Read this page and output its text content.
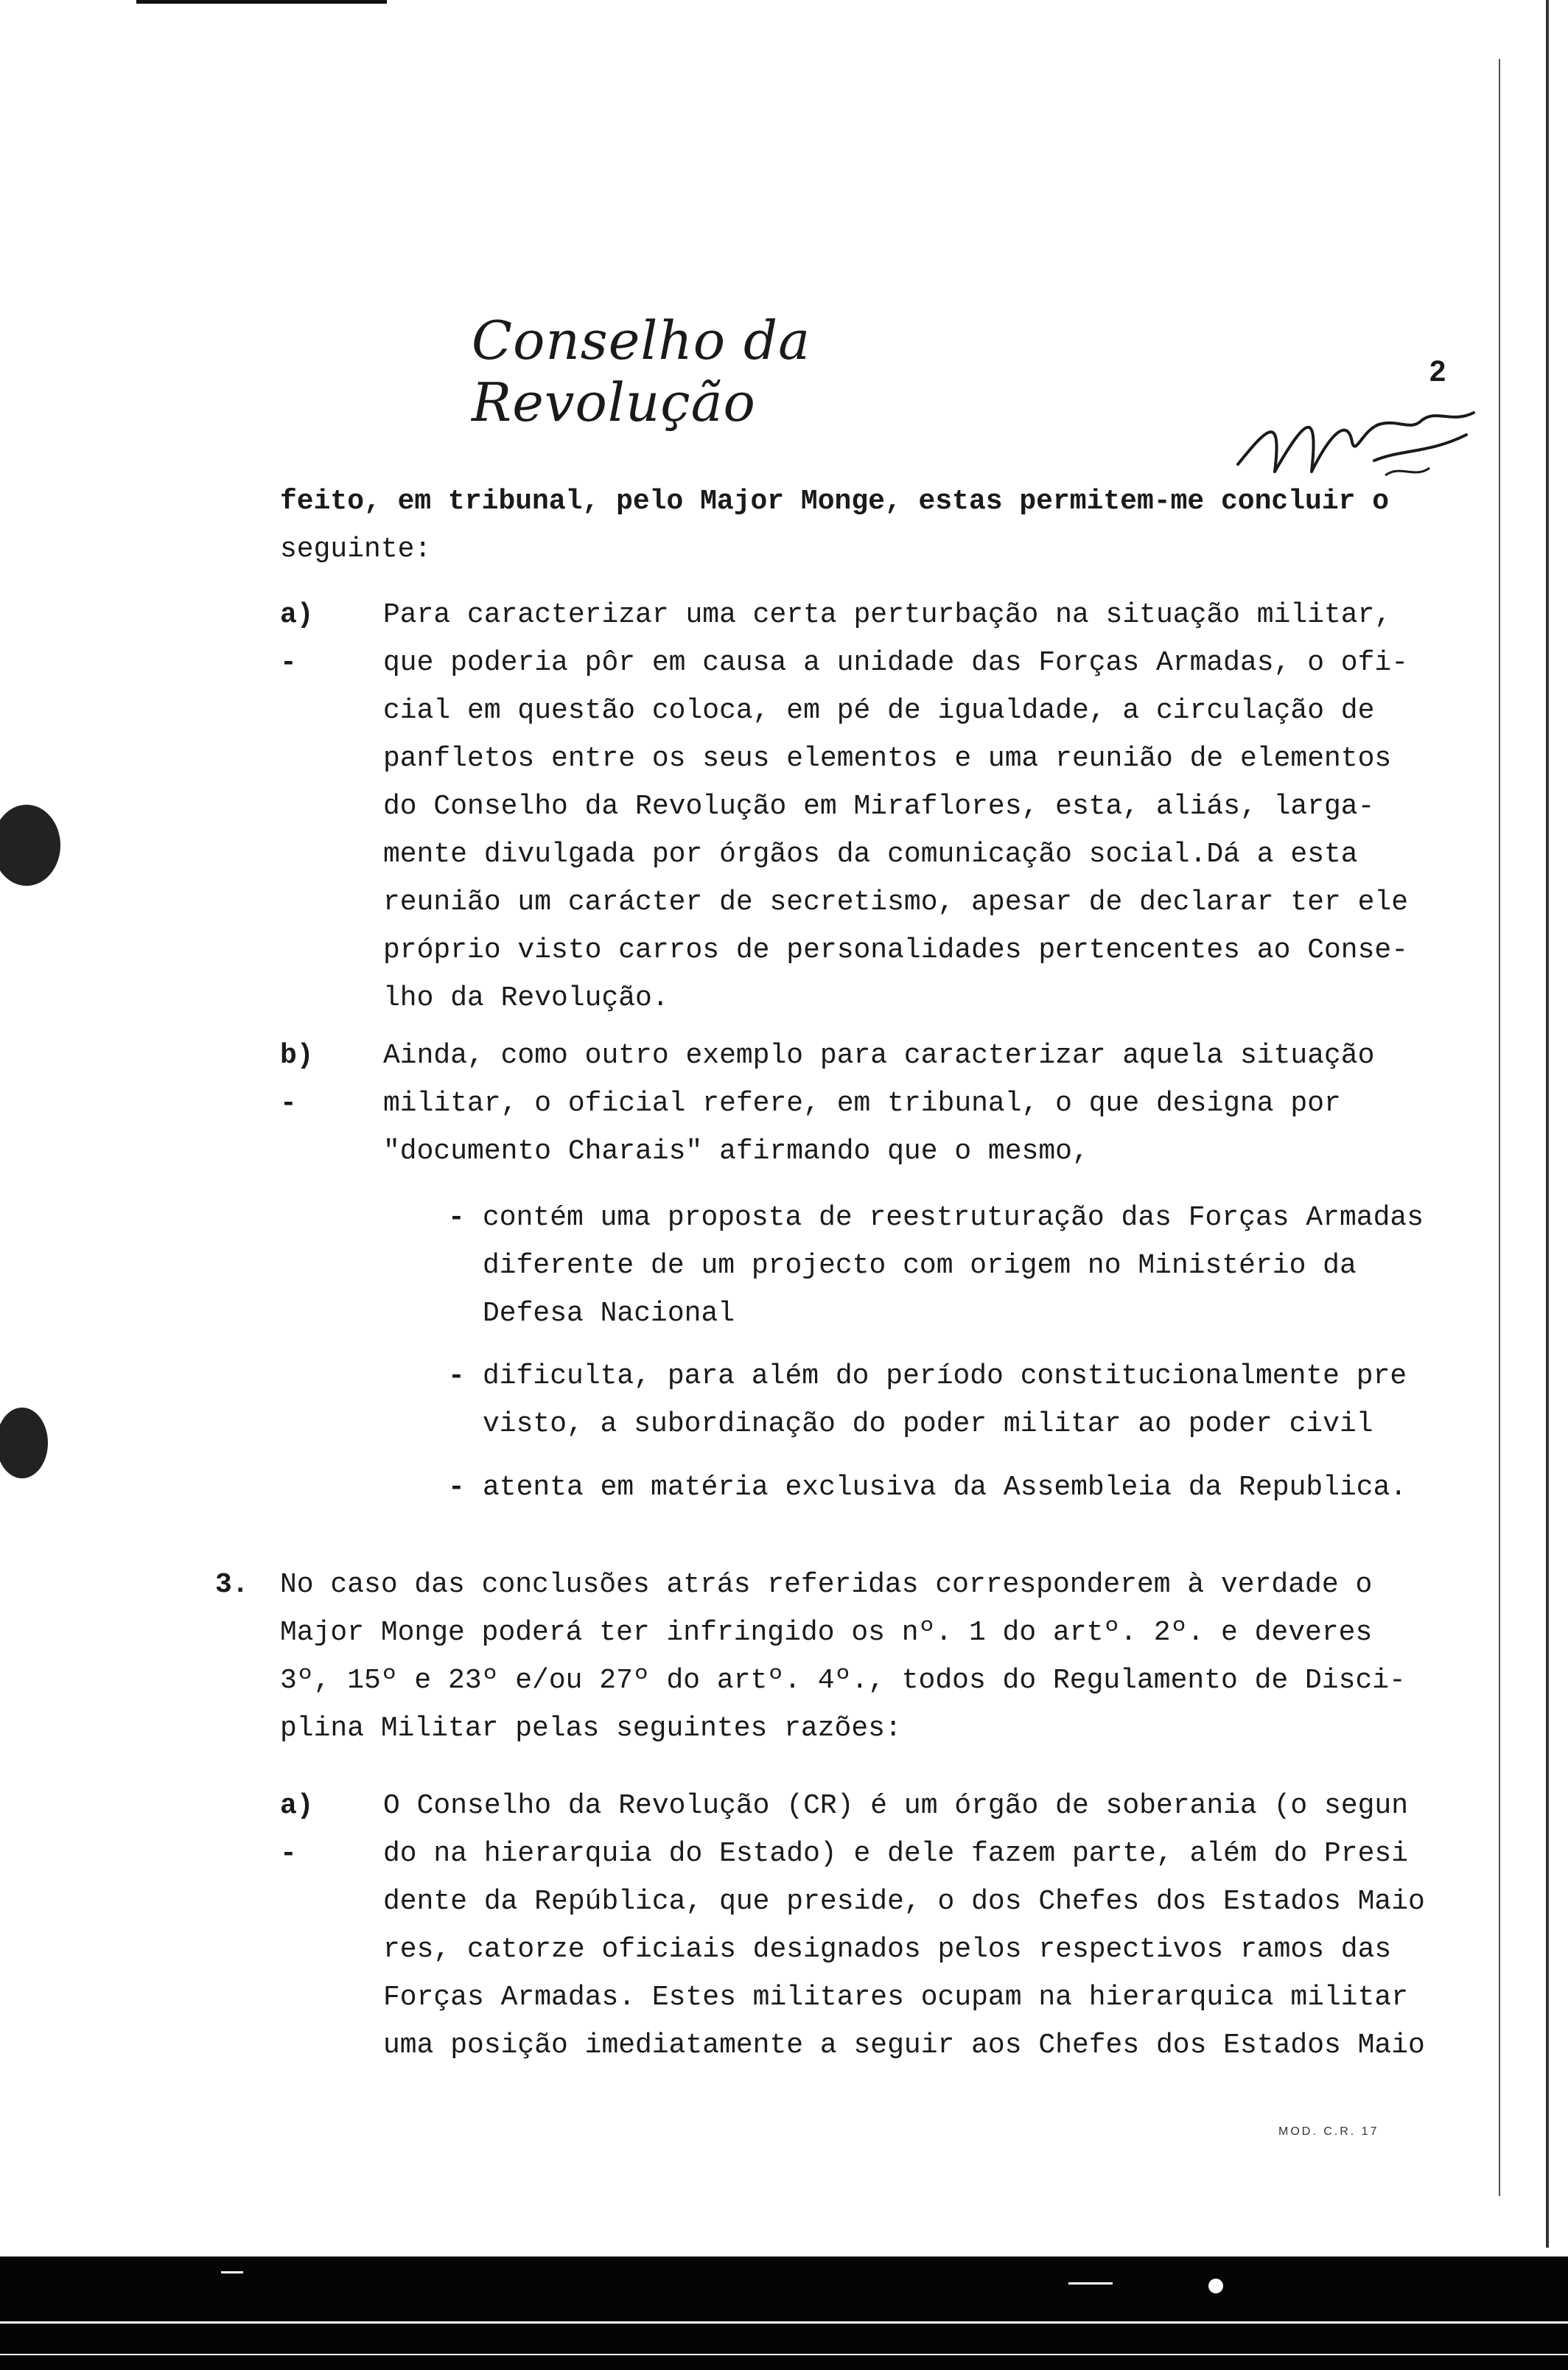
Conselho da Revolução	2
feito, em tribunal, pelo Major Monge, estas permitem-me concluir o
seguinte:
a) -
Para caracterizar uma certa perturbação na situação militar,
que poderia pôr em causa a unidade das Forças Armadas, o ofi-
cial em questão coloca, em pé de igualdade, a circulação de
panfletos entre os seus elementos e uma reunião de elementos
do Conselho da Revolução em Miraflores, esta, aliás, larga-
mente divulgada por órgãos da comunicação social.Dá a esta
reunião um carácter de secretismo, apesar de declarar ter ele
próprio visto carros de personalidades pertencentes ao Conse-
lho da Revolução.
b) -
Ainda, como outro exemplo para caracterizar aquela situação
militar, o oficial refere, em tribunal, o que designa por
"documento Charais" afirmando que o mesmo,
- contém uma proposta de reestruturação das Forças Armadas
diferente de um projecto com origem no Ministério da
Defesa Nacional
- dificulta, para além do período constitucionalmente pre
visto, a subordinação do poder militar ao poder civil
- atenta em matéria exclusiva da Assembleia da Republica.
3. No caso das conclusões atrás referidas corresponderem à verdade o
Major Monge poderá ter infringido os nº. 1 do artº. 2º. e deveres
3º, 15º e 23º e/ou 27º do artº. 4º., todos do Regulamento de Disci-
plina Militar pelas seguintes razões:
a) -
O Conselho da Revolução (CR) é um órgão de soberania (o segun
do na hierarquia do Estado) e dele fazem parte, além do Presi
dente da República, que preside, o dos Chefes dos Estados Maio
res, catorze oficiais designados pelos respectivos ramos das
Forças Armadas. Estes militares ocupam na hierarquica militar
uma posição imediatamente a seguir aos Chefes dos Estados Maio
MOD. C.R. 17
